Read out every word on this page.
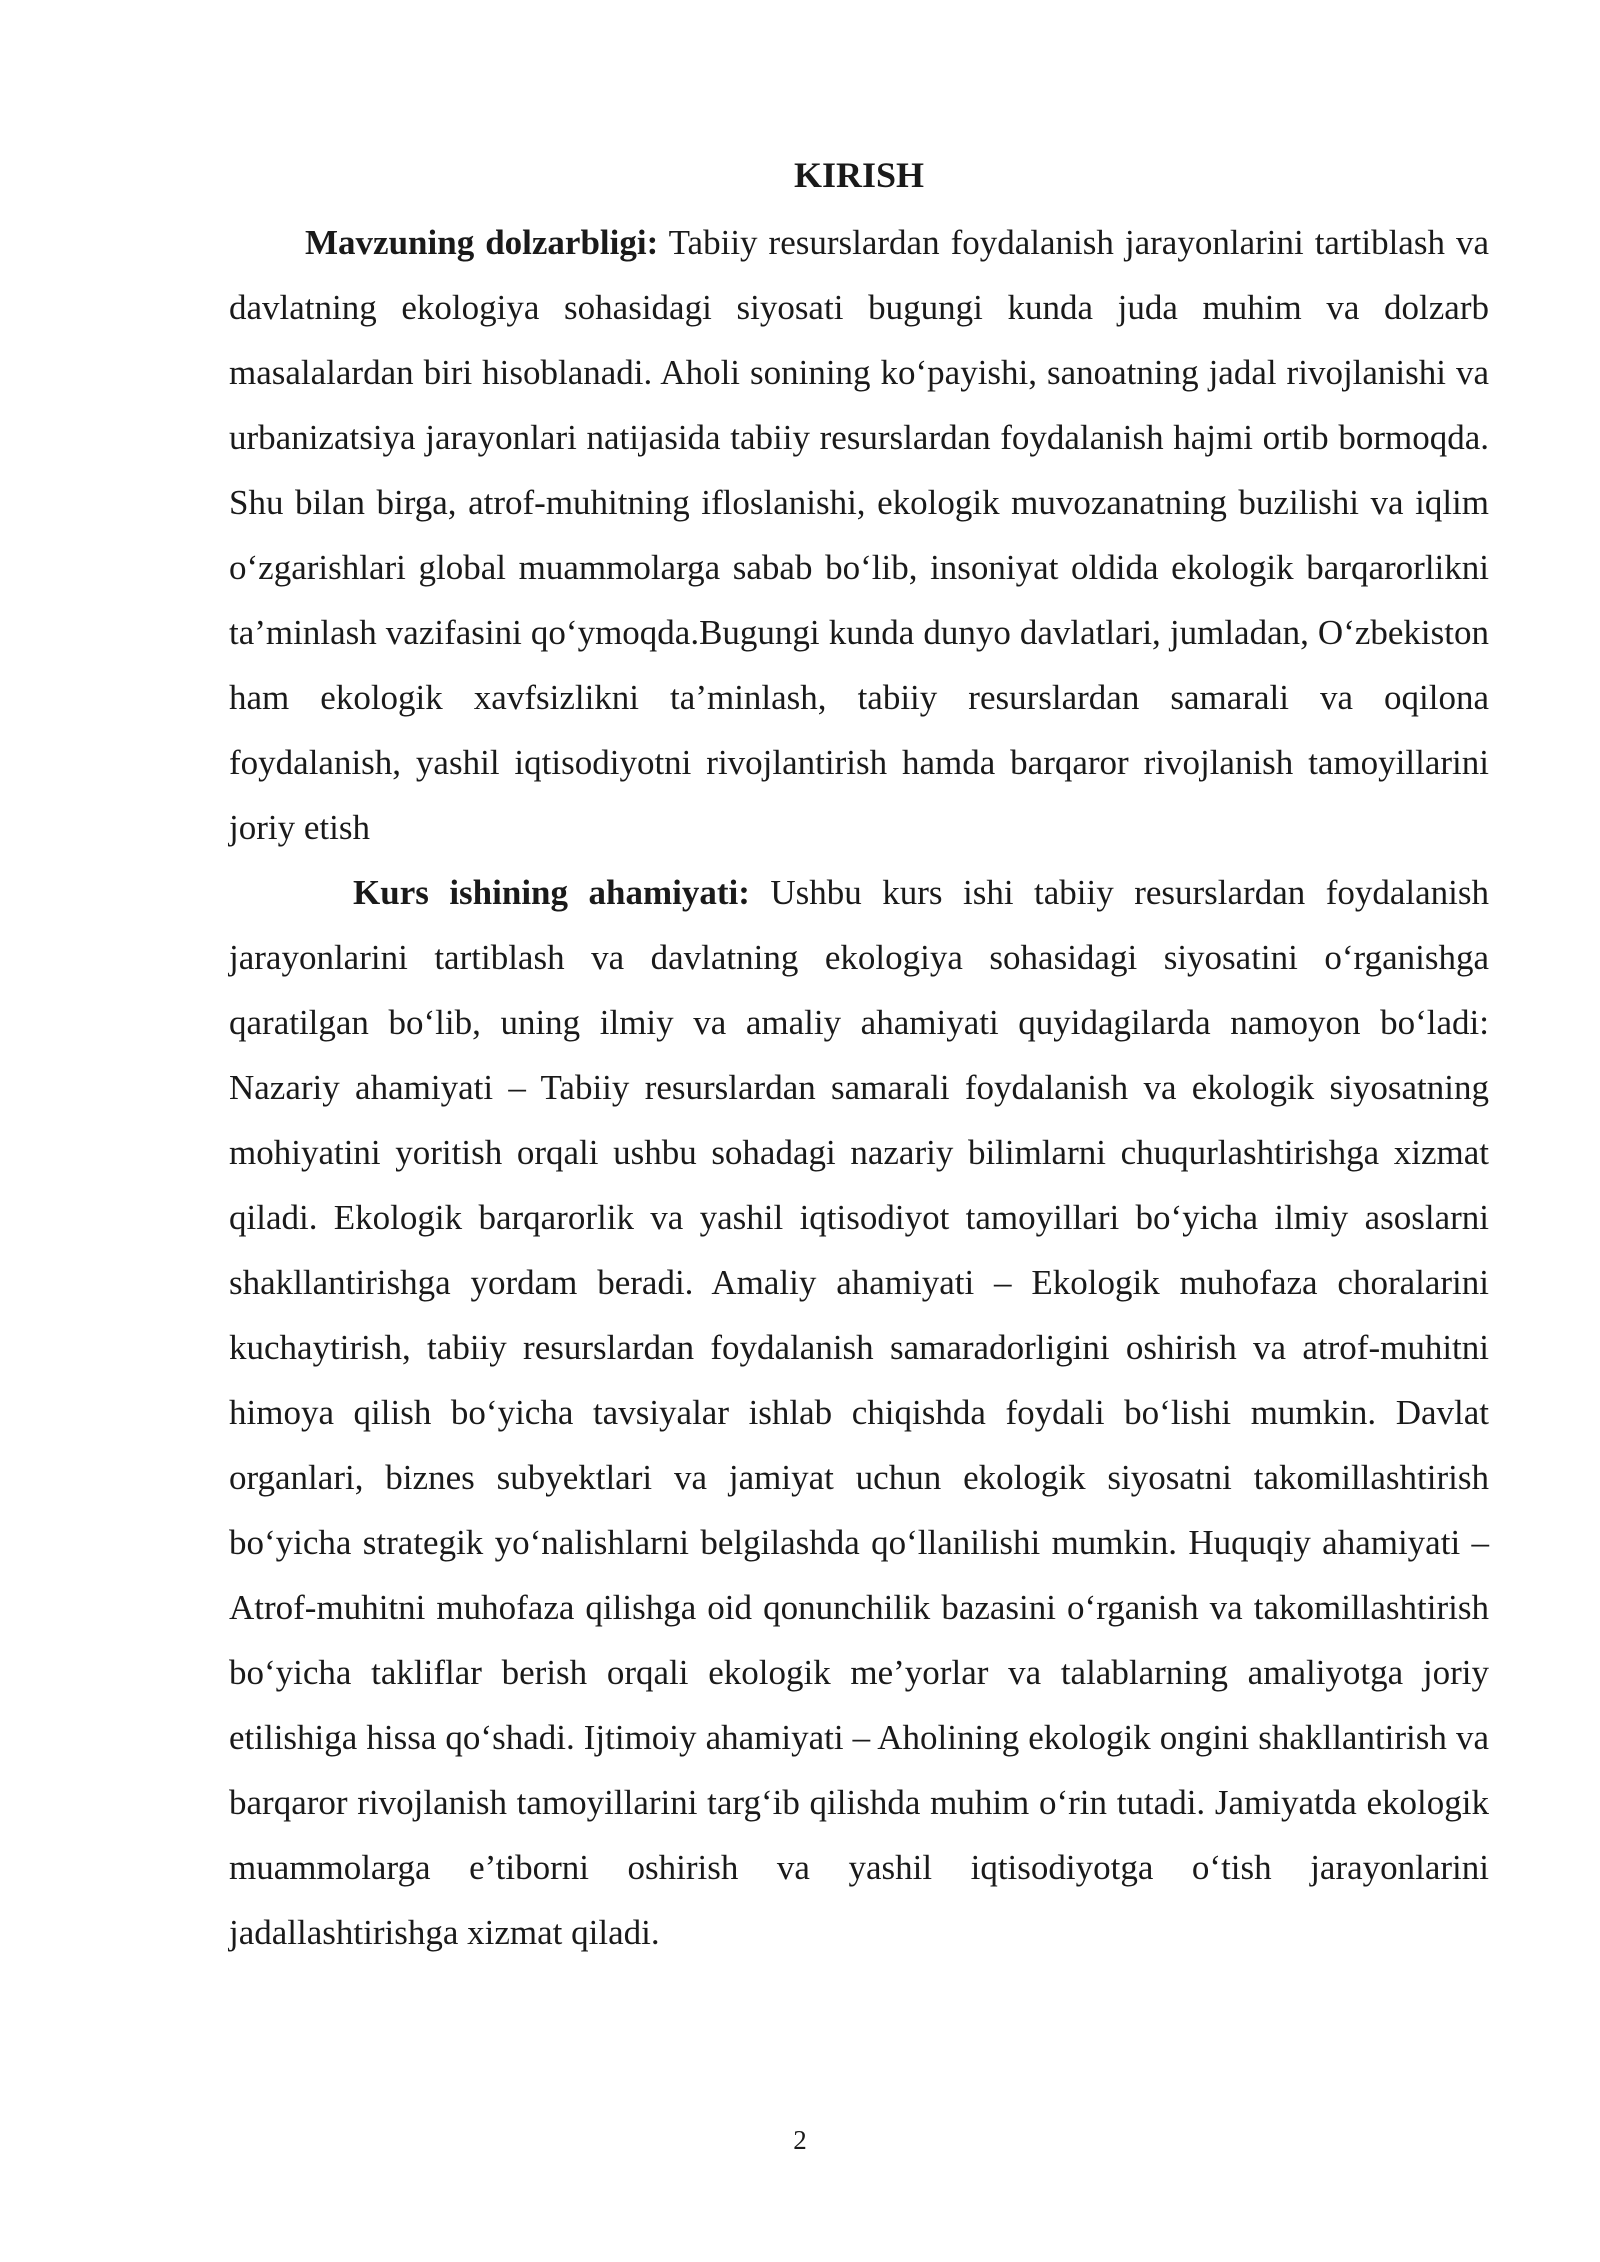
KIRISH

Mavzuning dolzarbligi: Tabiiy resurslardan foydalanish jarayonlarini tartiblash va davlatning ekologiya sohasidagi siyosati bugungi kunda juda muhim va dolzarb masalalardan biri hisoblanadi. Aholi sonining ko‘payishi, sanoatning jadal rivojlanishi va urbanizatsiya jarayonlari natijasida tabiiy resurslardan foydalanish hajmi ortib bormoqda. Shu bilan birga, atrof-muhitning ifloslanishi, ekologik muvozanatning buzilishi va iqlim o‘zgarishlari global muammolarga sabab bo‘lib, insoniyat oldida ekologik barqarorlikni ta’minlash vazifasini qo‘ymoqda.Bugungi kunda dunyo davlatlari, jumladan, O‘zbekiston ham ekologik xavfsizlikni ta’minlash, tabiiy resurslardan samarali va oqilona foydalanish, yashil iqtisodiyotni rivojlantirish hamda barqaror rivojlanish tamoyillarini joriy etish

Kurs ishining ahamiyati: Ushbu kurs ishi tabiiy resurslardan foydalanish jarayonlarini tartiblash va davlatning ekologiya sohasidagi siyosatini o‘rganishga qaratilgan bo‘lib, uning ilmiy va amaliy ahamiyati quyidagilarda namoyon bo‘ladi: Nazariy ahamiyati – Tabiiy resurslardan samarali foydalanish va ekologik siyosatning mohiyatini yoritish orqali ushbu sohadagi nazariy bilimlarni chuqurlashtirishga xizmat qiladi. Ekologik barqarorlik va yashil iqtisodiyot tamoyillari bo‘yicha ilmiy asoslarni shakllantirishga yordam beradi. Amaliy ahamiyati – Ekologik muhofaza choralarini kuchaytirish, tabiiy resurslardan foydalanish samaradorligini oshirish va atrof-muhitni himoya qilish bo‘yicha tavsiyalar ishlab chiqishda foydali bo‘lishi mumkin. Davlat organlari, biznes subyektlari va jamiyat uchun ekologik siyosatni takomillashtirish bo‘yicha strategik yo‘nalishlarni belgilashda qo‘llanilishi mumkin. Huquqiy ahamiyati – Atrof-muhitni muhofaza qilishga oid qonunchilik bazasini o‘rganish va takomillashtirish bo‘yicha takliflar berish orqali ekologik me’yorlar va talablarning amaliyotga joriy etilishiga hissa qo‘shadi. Ijtimoiy ahamiyati – Aholining ekologik ongini shakllantirish va barqaror rivojlanish tamoyillarini targ‘ib qilishda muhim o‘rin tutadi. Jamiyatda ekologik muammolarga e’tiborni oshirish va yashil iqtisodiyotga o‘tish jarayonlarini jadallashtirishga xizmat qiladi.

2
